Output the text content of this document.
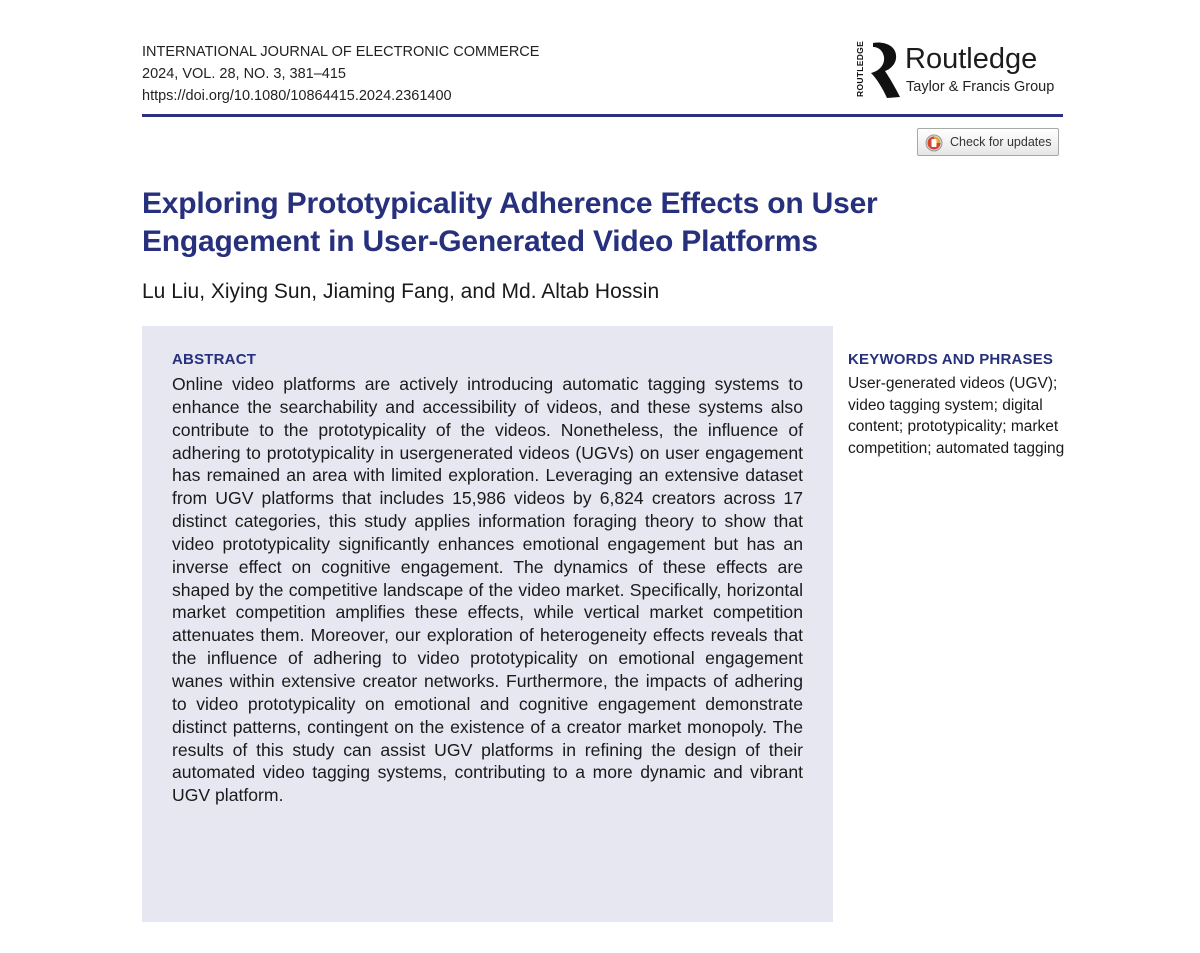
INTERNATIONAL JOURNAL OF ELECTRONIC COMMERCE
2024, VOL. 28, NO. 3, 381–415
https://doi.org/10.1080/10864415.2024.2361400	ROUTLEDGE Routledge
Taylor & Francis Group
Check for updates
Exploring Prototypicality Adherence Effects on User Engagement in User-Generated Video Platforms
Lu Liu, Xiying Sun, Jiaming Fang, and Md. Altab Hossin
ABSTRACT
Online video platforms are actively introducing automatic tagging systems to enhance the searchability and accessibility of videos, and these systems also contribute to the prototypicality of the videos. Nonetheless, the influence of adhering to prototypicality in usergenerated videos (UGVs) on user engagement has remained an area with limited exploration. Leveraging an extensive dataset from UGV platforms that includes 15,986 videos by 6,824 creators across 17 distinct categories, this study applies information foraging theory to show that video prototypicality significantly enhances emotional engagement but has an inverse effect on cognitive engagement. The dynamics of these effects are shaped by the competitive landscape of the video market. Specifically, horizontal market competition amplifies these effects, while vertical market competition attenuates them. Moreover, our exploration of heterogeneity effects reveals that the influence of adhering to video prototypicality on emotional engagement wanes within extensive creator networks. Furthermore, the impacts of adhering to video prototypicality on emotional and cognitive engagement demonstrate distinct patterns, contingent on the existence of a creator market monopoly. The results of this study can assist UGV platforms in refining the design of their automated video tagging systems, contributing to a more dynamic and vibrant UGV platform.
KEYWORDS AND PHRASES
User-generated videos (UGV); video tagging system; digital content; prototypicality; market competition; automated tagging
